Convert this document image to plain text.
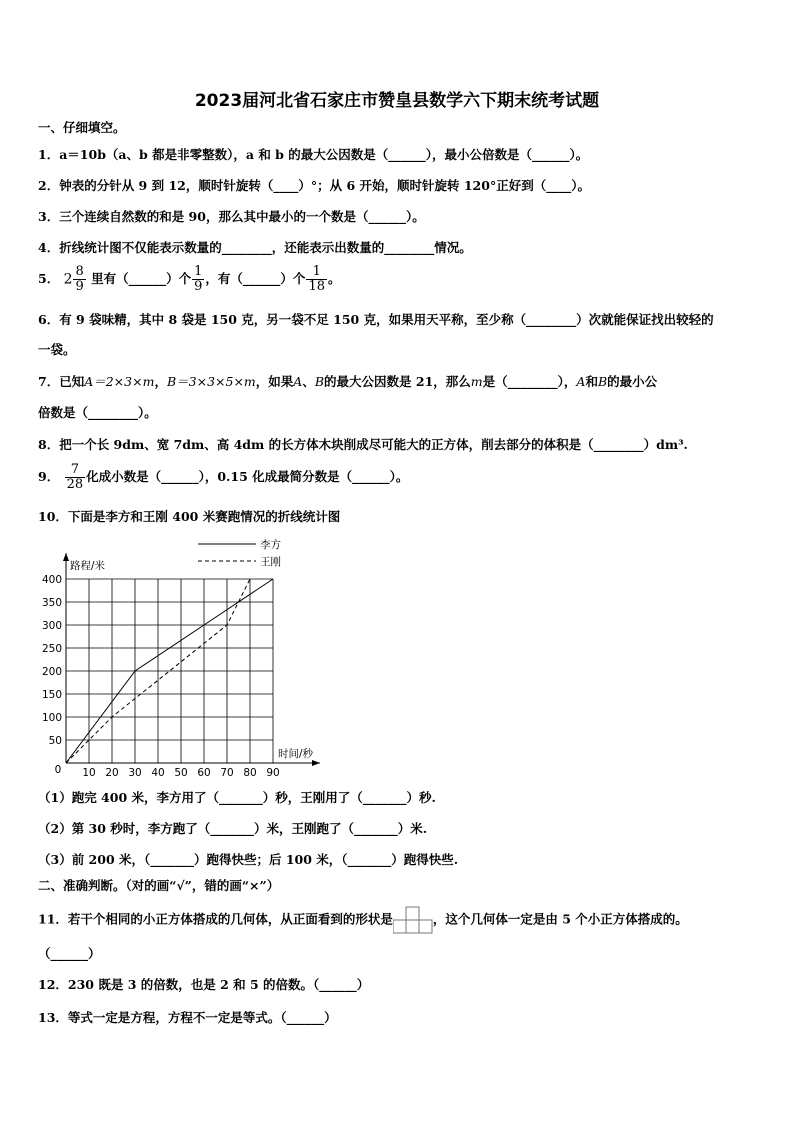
2023届河北省石家庄市赞皇县数学六下期末统考试题
一、仔细填空。
1．a＝10b（a、b 都是非零整数），a 和 b 的最大公因数是（______），最小公倍数是（______）。
2．钟表的分针从 9 到 12，顺时针旋转（____）°；从 6 开始，顺时针旋转 120°正好到（____）。
3．三个连续自然数的和是 90，那么其中最小的一个数是（______）。
4．折线统计图不仅能表示数量的________，还能表示出数量的________情况。
5． $2 \frac{8}{9}$ 里有（______）个 $\frac{1}{9}$ ，有（______）个 $\frac{1}{18}$ 。
6．有 9 袋味精，其中 8 袋是 150 克，另一袋不足 150 克，如果用天平称，至少称（________）次就能保证找出较轻的
一袋。
7．已知A＝2×3×m，B＝3×3×5×m，如果A、B的最大公因数是 21，那么m是（________），A和B的最小公
倍数是（________）。
8．把一个长 9dm、宽 7dm、高 4dm 的长方体木块削成尽可能大的正方体，削去部分的体积是（________）dm³.
9． $\frac{7}{28}$ 化成小数是（______），0.15 化成最简分数是（______）。
10．下面是李方和王刚 400 米赛跑情况的折线统计图
10 20 30 40 50 60 70 80 90
50
100
150
200
250
300
350
400
0
路程/米
时间/秒
李方
王刚
（1）跑完 400 米，李方用了（_______）秒，王刚用了（_______）秒.
（2）第 30 秒时，李方跑了（_______）米，王刚跑了（_______）米.
（3）前 200 米，（_______）跑得快些；后 100 米，（_______）跑得快些.
二、准确判断。（对的画“√”，错的画“×”）
11．若干个相同的小正方体搭成的几何体，从正面看到的形状是	，这个几何体一定是由 5 个小正方体搭成的。
（______）
12．230 既是 3 的倍数，也是 2 和 5 的倍数。（______）
13．等式一定是方程，方程不一定是等式。（______）
